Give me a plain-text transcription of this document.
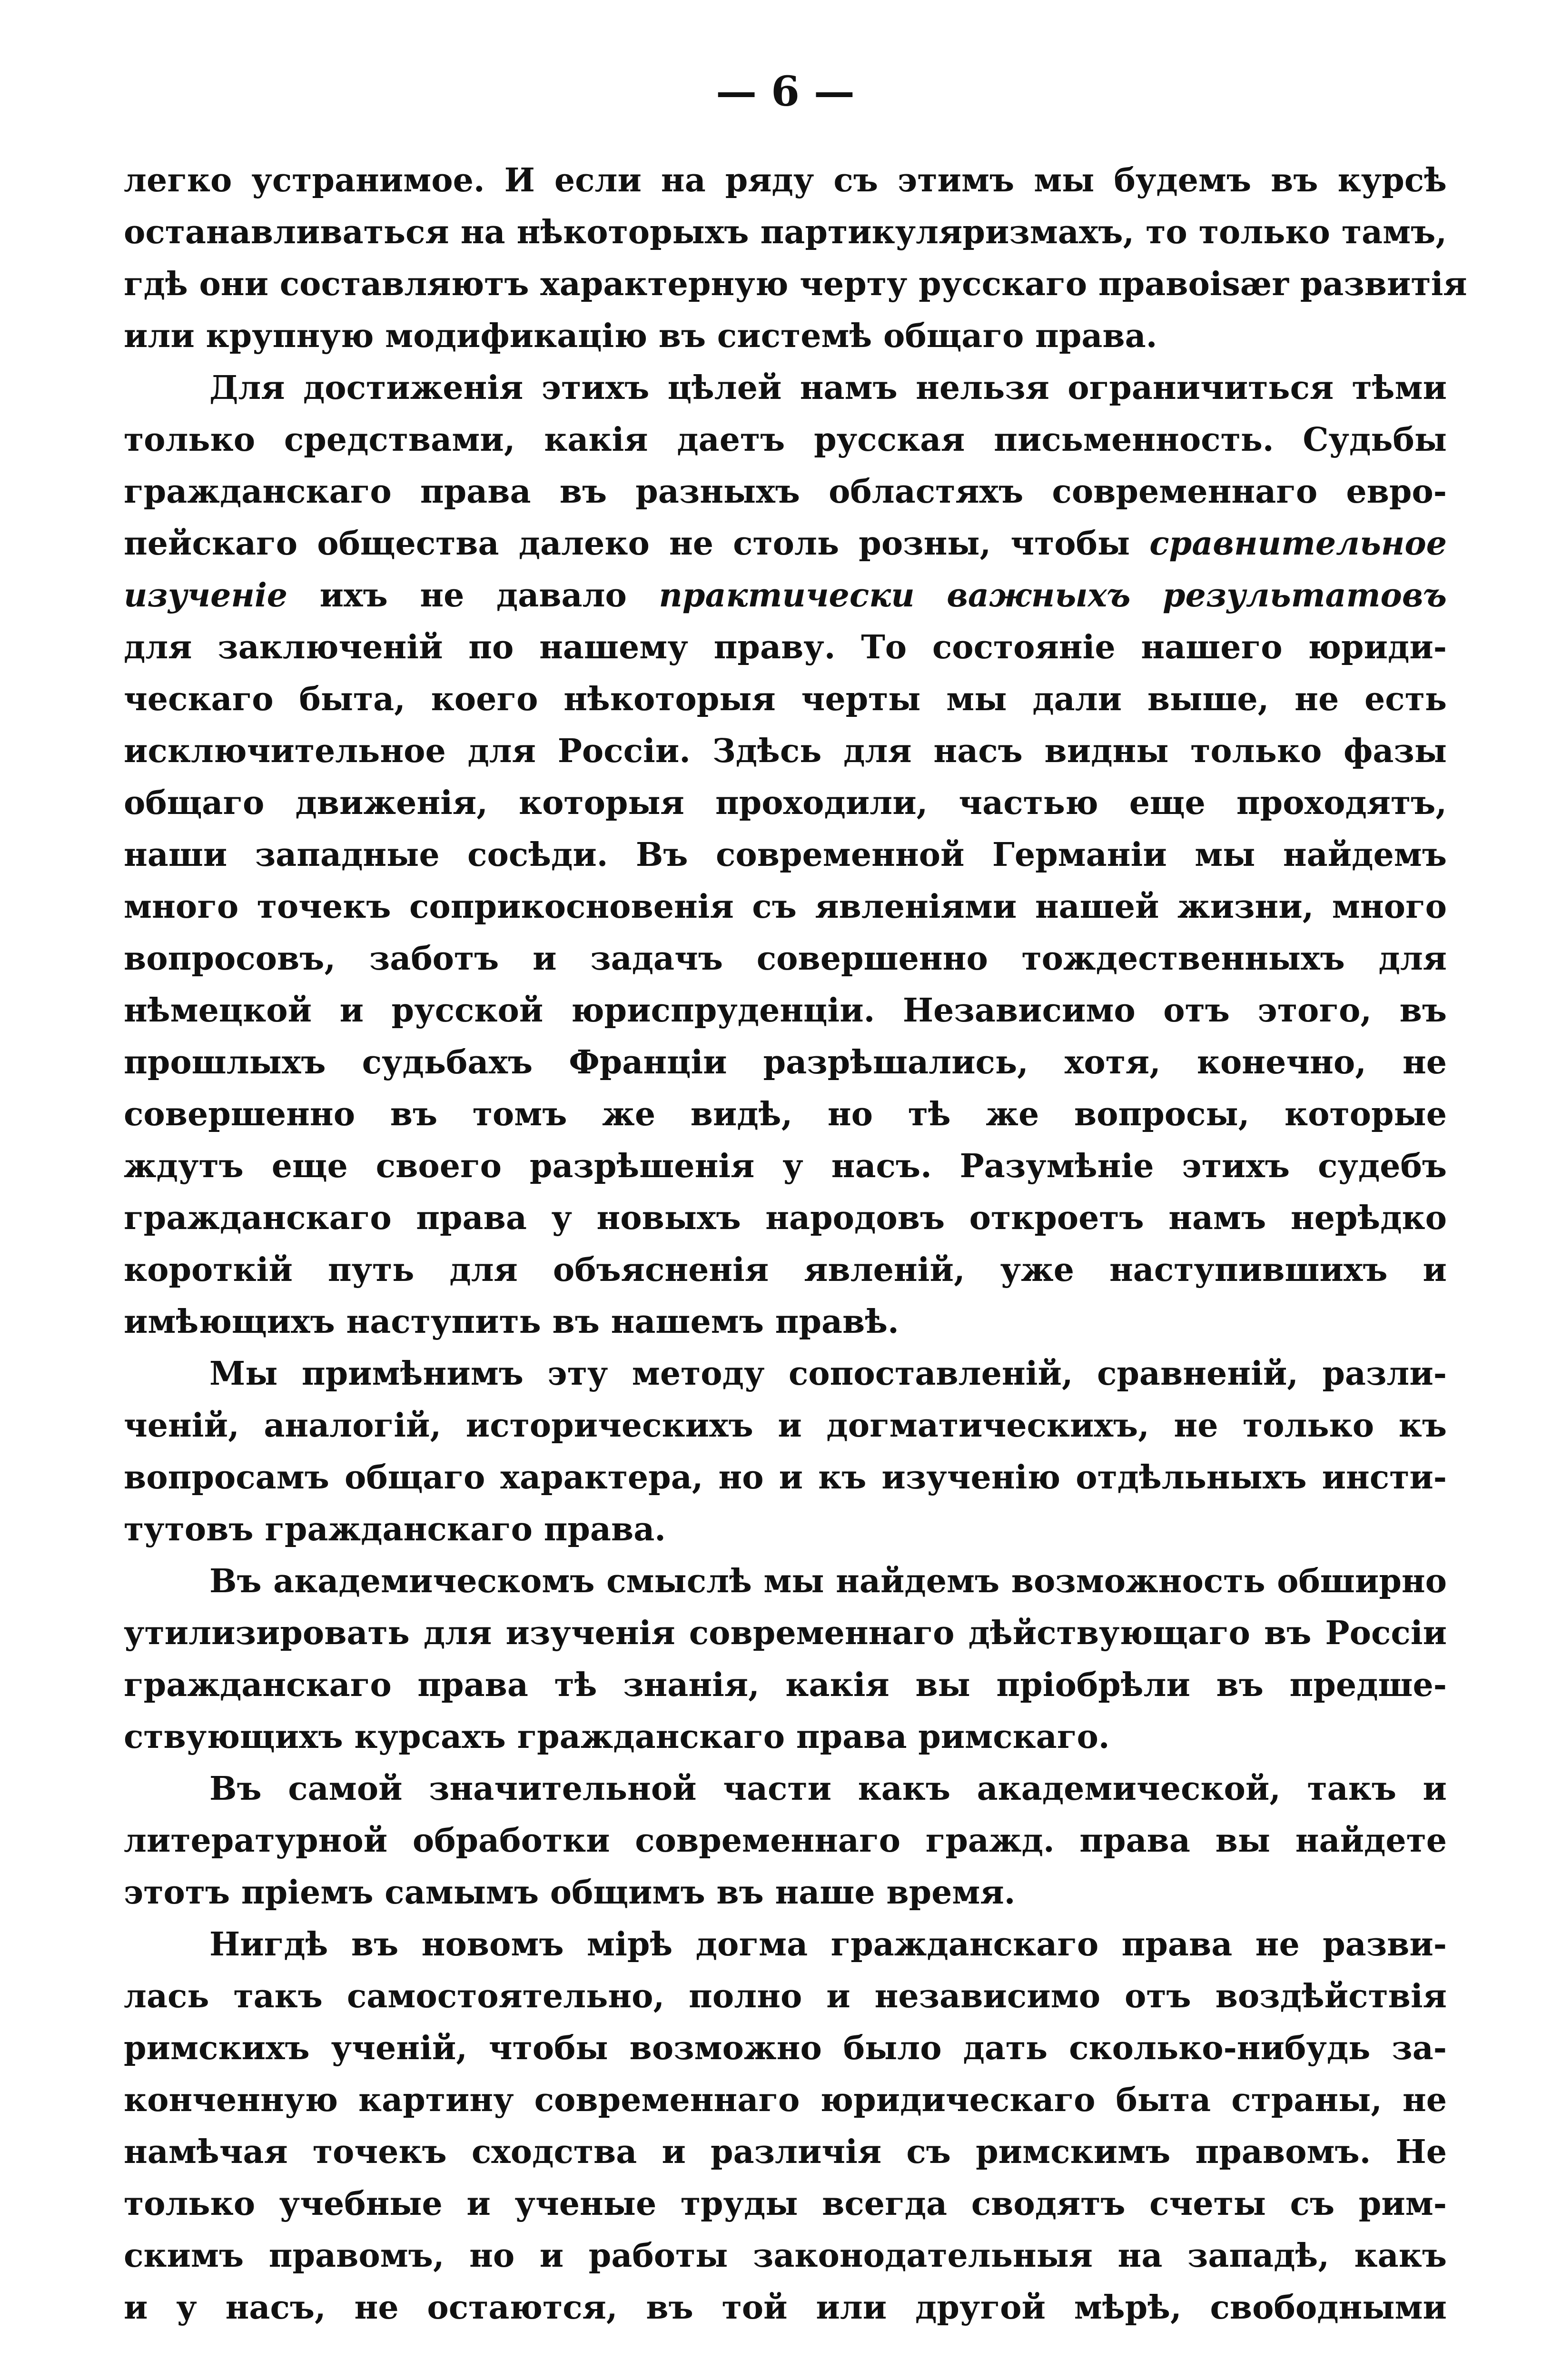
— 6 —
легко устранимое. И если на ряду съ этимъ мы будемъ въ курсѣ
останавливаться на нѣкоторыхъ партикуляризмахъ, то только тамъ,
гдѣ они составляютъ характерную черту русскаго правоisær развитія
или крупную модификацію въ системѣ общаго права.
Для достиженія этихъ цѣлей намъ нельзя ограничиться тѣми
только средствами, какія даетъ русская письменность. Судьбы
гражданскаго права въ разныхъ областяхъ современнаго евро-
пейскаго общества далеко не столь розны, чтобы сравнительное
изученіе ихъ не давало практически важныхъ результатовъ
для заключеній по нашему праву. То состояніе нашего юриди-
ческаго быта, коего нѣкоторыя черты мы дали выше, не есть
исключительное для Россіи. Здѣсь для насъ видны только фазы
общаго движенія, которыя проходили, частью еще проходятъ,
наши западные сосѣди. Въ современной Германіи мы найдемъ
много точекъ соприкосновенія съ явленіями нашей жизни, много
вопросовъ, заботъ и задачъ совершенно тождественныхъ для
нѣмецкой и русской юриспруденціи. Независимо отъ этого, въ
прошлыхъ судьбахъ Франціи разрѣшались, хотя, конечно, не
совершенно въ томъ же видѣ, но тѣ же вопросы, которые
ждутъ еще своего разрѣшенія у насъ. Разумѣніе этихъ судебъ
гражданскаго права у новыхъ народовъ откроетъ намъ нерѣдко
короткій путь для объясненія явленій, уже наступившихъ и
имѣющихъ наступить въ нашемъ правѣ.
Мы примѣнимъ эту методу сопоставленій, сравненій, разли-
ченій, аналогій, историческихъ и догматическихъ, не только къ
вопросамъ общаго характера, но и къ изученію отдѣльныхъ инсти-
тутовъ гражданскаго права.
Въ академическомъ смыслѣ мы найдемъ возможность обширно
утилизировать для изученія современнаго дѣйствующаго въ Россіи
гражданскаго права тѣ знанія, какія вы пріобрѣли въ предше-
ствующихъ курсахъ гражданскаго права римскаго.
Въ самой значительной части какъ академической, такъ и
литературной обработки современнаго гражд. права вы найдете
этотъ пріемъ самымъ общимъ въ наше время.
Нигдѣ въ новомъ мірѣ догма гражданскаго права не разви-
лась такъ самостоятельно, полно и независимо отъ воздѣйствія
римскихъ ученій, чтобы возможно было дать сколько-нибудь за-
конченную картину современнаго юридическаго быта страны, не
намѣчая точекъ сходства и различія съ римскимъ правомъ. Не
только учебные и ученые труды всегда сводятъ счеты съ рим-
скимъ правомъ, но и работы законодательныя на западѣ, какъ
и у насъ, не остаются, въ той или другой мѣрѣ, свободными
